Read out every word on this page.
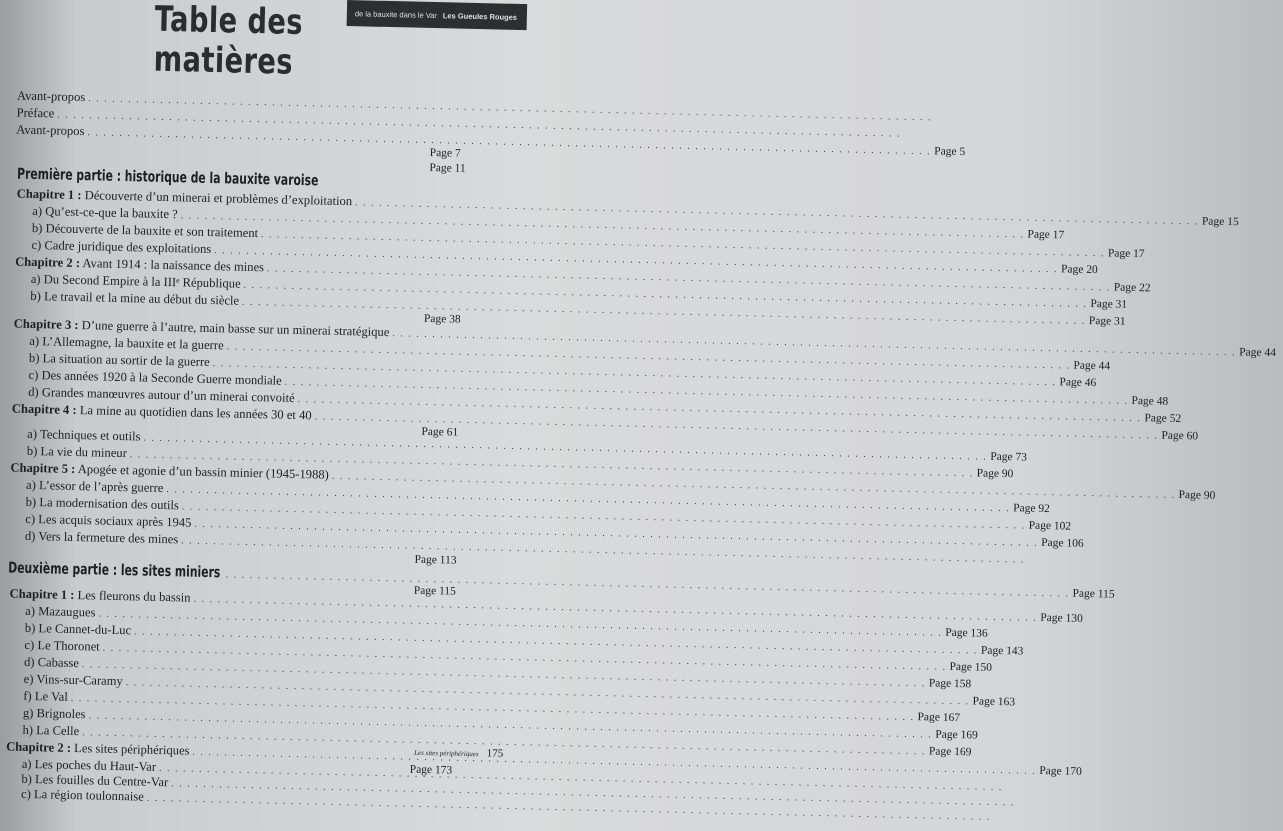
de la bauxite dans le Var Les Gueules Rouges
Table des matières
Avant-propos
. . .
Préface
. . .
Avant-propos
. . .
Page 5
Page 7
Page 11
Première partie : historique de la bauxite varoise
. . .
Chapitre 1 : Découverte d’un minerai et problèmes d’exploitation
. . .
Page 15
a) Qu’est-ce-que la bauxite ?
. . .
Page 17
b) Découverte de la bauxite et son traitement
. . .
Page 17
c) Cadre juridique des exploitations
. . .
Page 20
Chapitre 2 : Avant 1914 : la naissance des mines
. . .
Page 22
a) Du Second Empire à la IIIᵉ République
. . .
Page 31
b) Le travail et la mine au début du siècle
. . .
Page 31
Page 38
Chapitre 3 : D’une guerre à l’autre, main basse sur un minerai stratégique
. . .
Page 44
a) L’Allemagne, la bauxite et la guerre
. . .
Page 44
b) La situation au sortir de la guerre
. . .
Page 46
c) Des années 1920 à la Seconde Guerre mondiale
. . .
Page 48
d) Grandes manœuvres autour d’un minerai convoité
. . .
Page 52
Chapitre 4 : La mine au quotidien dans les années 30 et 40
. . .
Page 60
Page 61
a) Techniques et outils
. . .
Page 73
b) La vie du mineur
. . .
Page 90
Chapitre 5 : Apogée et agonie d’un bassin minier (1945-1988)
. . .
Page 90
a) L’essor de l’après guerre
. . .
Page 92
b) La modernisation des outils
. . .
Page 102
c) Les acquis sociaux après 1945
. . .
Page 106
d) Vers la fermeture des mines
. . .
Page 113
Deuxième partie : les sites miniers
. . .
Page 115
Page 115
Chapitre 1 : Les fleurons du bassin
. . .
Page 130
a) Mazaugues
. . .
Page 136
b) Le Cannet-du-Luc
. . .
Page 143
c) Le Thoronet
. . .
Page 150
d) Cabasse
. . .
Page 158
e) Vins-sur-Caramy
. . .
Page 163
f) Le Val
. . .
Page 167
g) Brignoles
. . .
Page 169
h) La Celle
. . .
Page 169
Chapitre 2 : Les sites périphériques
. . .
Page 170
Page 173
a) Les poches du Haut-Var
. . .
b) Les fouilles du Centre-Var
. . .
c) La région toulonnaise
. . .
Les sites périphériques 175
